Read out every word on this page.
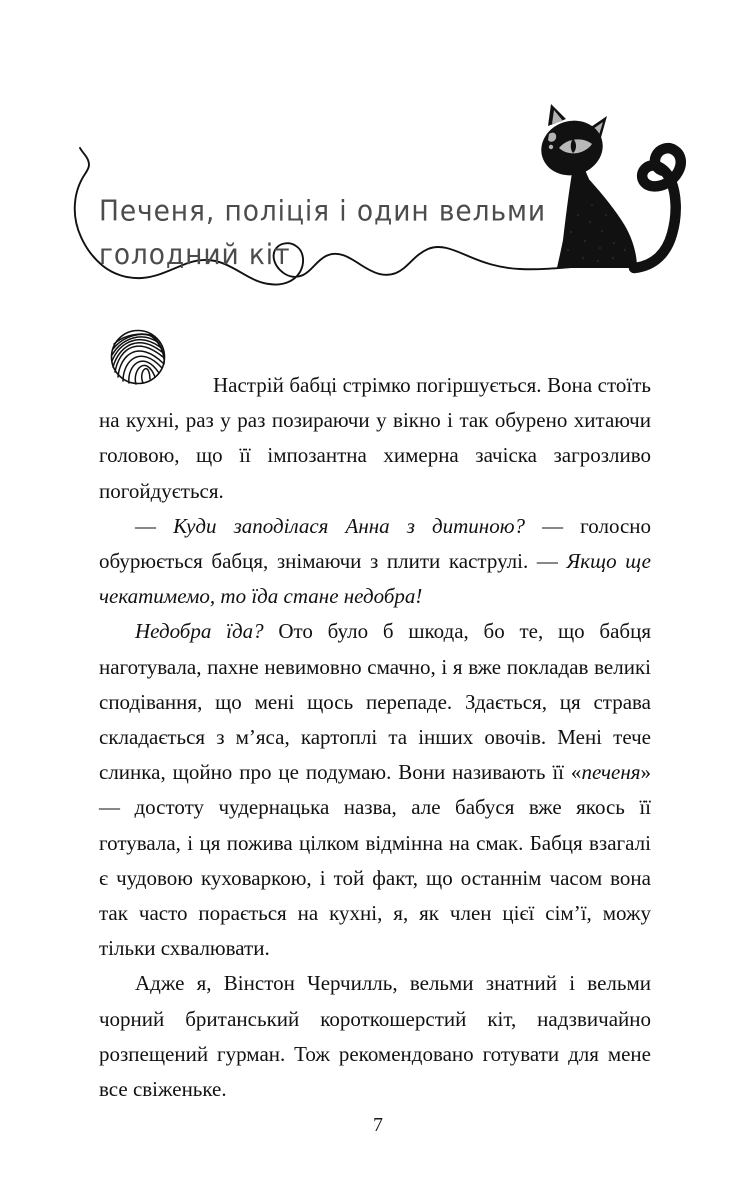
Печеня, поліція і один вельми
голодний кіт

Настрій бабці стрімко погіршується. Вона стоїть на кухні, раз у раз позираючи у вікно і так обурено хитаючи головою, що її імпозантна химерна зачіска загрозливо погойдується.

— Куди заподілася Анна з дитиною? — голосно обурюється бабця, знімаючи з плити каструлі. — Якщо ще чекатимемо, то їда стане недобра!

Недобра їда? Ото було б шкода, бо те, що бабця наготувала, пахне невимовно смачно, і я вже покладав великі сподівання, що мені щось перепаде. Здається, ця страва складається з м’яса, картоплі та інших овочів. Мені тече слинка, щойно про це подумаю. Вони називають її «печеня» — достоту чудернацька назва, але бабуся вже якось її готувала, і ця пожива цілком відмінна на смак. Бабця взагалі є чудовою куховаркою, і той факт, що останнім часом вона так часто порається на кухні, я, як член цієї сім’ї, можу тільки схвалювати.

Адже я, Вінстон Черчилль, вельми знатний і вельми чорний британський короткошерстий кіт, надзвичайно розпещений гурман. Тож рекомендовано готувати для мене все свіженьке.

7
